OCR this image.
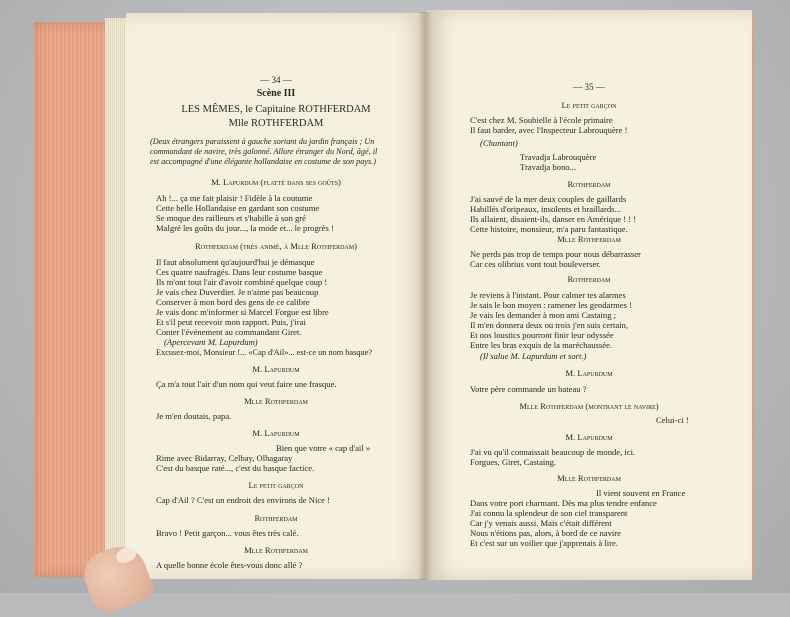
— 34 —
Scène III
LES MÊMES, le Capitaine ROTHFERDAM
Mlle ROTHFERDAM
(Deux étrangers paraissent à gauche sortant du jardin français ; Un
commandant de navire, très galonné. Allure étranger du Nord, âgé, il
est accompagné d'une élégante hollandaise en costume de son pays.)
M. Lapurdum (flatté dans ses goûts)
Ah !... ça me fait plaisir ! Fidèle à la coutume
Cette belle Hollandaise en gardant son costume
Se moque des railleurs et s'habille à son gré
Malgré les goûts du jour..., la mode et... le progrès !
Rothferdam (très animé, à Mlle Rothferdam)
Il faut absolument qu'aujourd'hui je démasque
Ces quatre naufragés. Dans leur costume basque
Ils m'ont tout l'air d'avoir combiné quelque coup !
Je vais chez Duverdier. Je n'aime pas beaucoup
Conserver à mon bord des gens de ce calibre
Je vais donc m'informer si Marcel Forgue est libre
Et s'il peut recevoir mon rapport. Puis, j'irai
Conter l'événement au commandant Giret.
(Apercevant M. Lapurdum)
Excusez-moi, Monsieur !... «Cap d'Ail»... est-ce un nom basque?
M. Lapurdum
Ça m'a tout l'air d'un nom qui veut faire une frasque.
Mlle Rothferdam
Je m'en doutais, papa.
M. Lapurdum
Bien que votre « cap d'ail »
Rime avec Bidarray, Celbay, Olhagaray
C'est du basque raté..., c'est du basque factice.
Le petit garçon
Cap d'Ail ? C'est un endroit des environs de Nice !
Rothferdam
Bravo ! Petit garçon... vous êtes très calé.
Mlle Rothferdam
A quelle bonne école êtes-vous donc allé ?
— 35 —
Le petit garçon
C'est chez M. Soubielle à l'école primaire
Il faut barder, avec l'Inspecteur Labrouquère !
(Chantant)
Travadja Labrouquère
Travadja bono...
Rothferdam
J'ai sauvé de la mer deux couples de gaillards
Habillés d'oripeaux, insolents et braillards...
Ils allaient, disaient-ils, danser en Amérique ! ! !
Cette histoire, monsieur, m'a paru fantastique.
Mlle Rothferdam
Ne perds pas trop de temps pour nous débarrasser
Car ces olibrius vont tout bouleverser.
Rothferdam
Je reviens à l'instant. Pour calmer tes alarmes
Je sais le bon moyen : ramener les gendarmes !
Je vais les demander à mon ami Castaing ;
Il m'en donnera deux ou trois j'en suis certain,
Et nos loustics pourront finir leur odyssée
Entre les bras exquis de la maréchaussée.
(Il salue M. Lapurdum et sort.)
M. Lapurdum
Votre père commande un bateau ?
Mlle Rothferdam (montrant le navire)
Celui-ci !
M. Lapurdum
J'ai vu qu'il connaissait beaucoup de monde, ici.
Forgues, Giret, Castaing.
Mlle Rothferdam
Il vient souvent en France
Dans votre port charmant. Dès ma plus tendre enfance
J'ai connu la splendeur de son ciel transparent
Car j'y venais aussi. Mais c'était différent
Nous n'étions pas, alors, à bord de ce navire
Et c'est sur un voilier que j'apprenais à lire.
